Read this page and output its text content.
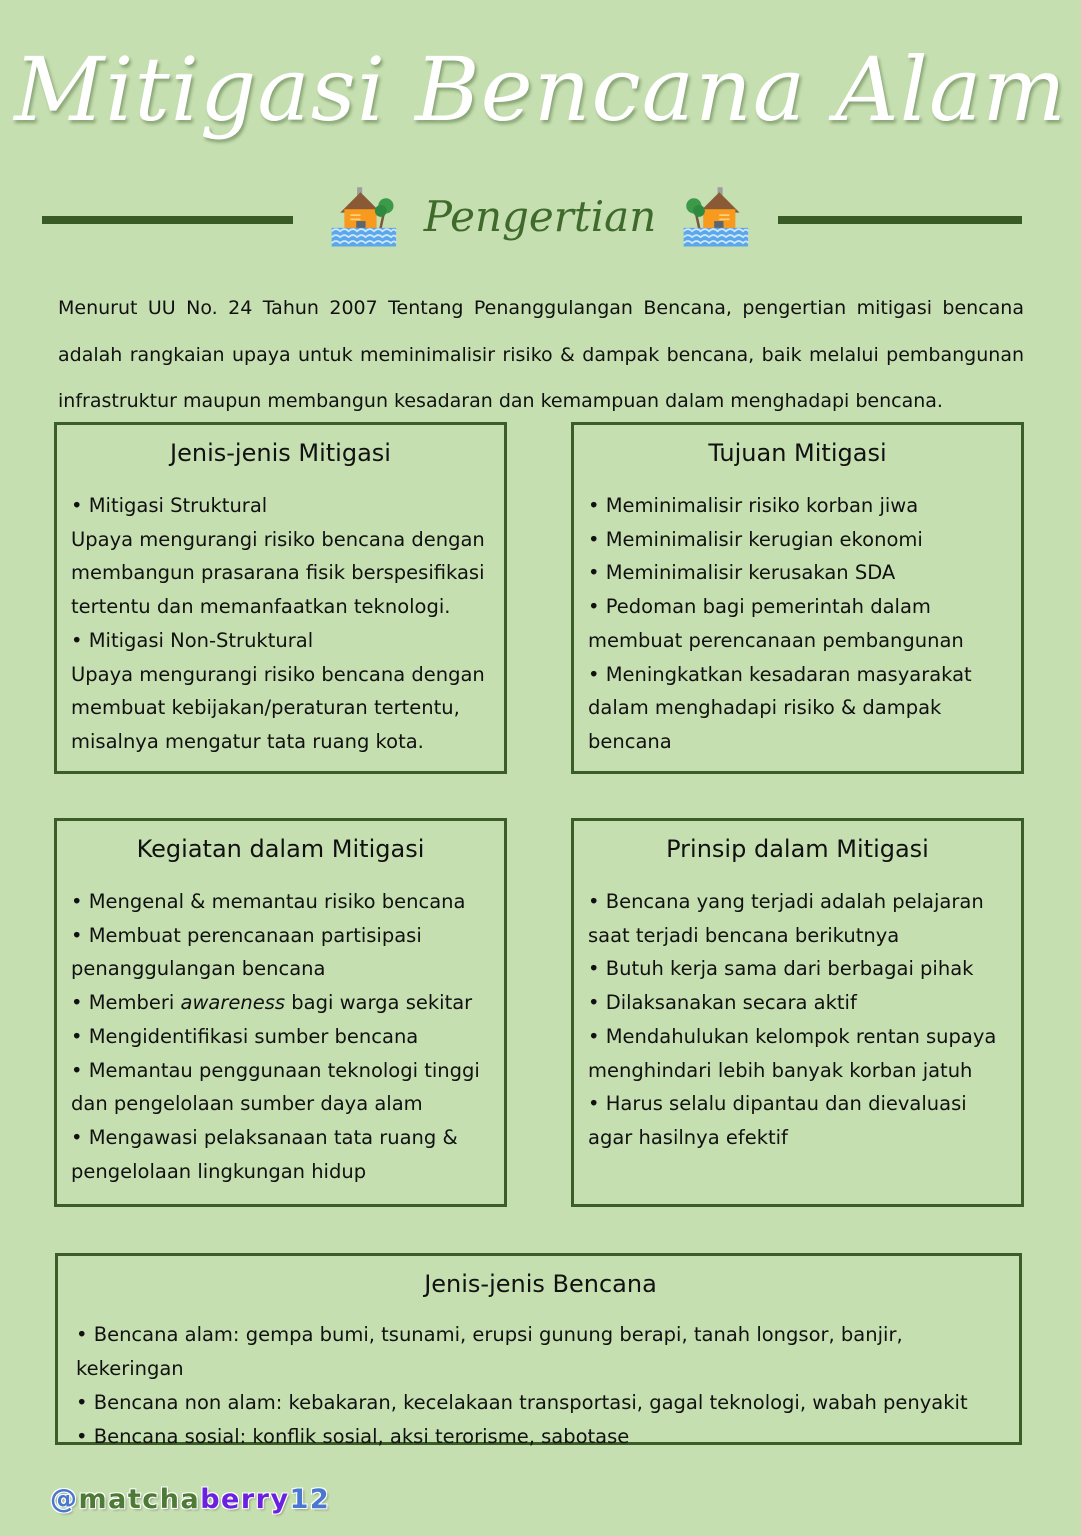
Mitigasi Bencana Alam
Pengertian

Menurut UU No. 24 Tahun 2007 Tentang Penanggulangan Bencana, pengertian mitigasi bencana adalah rangkaian upaya untuk meminimalisir risiko & dampak bencana, baik melalui pembangunan infrastruktur maupun membangun kesadaran dan kemampuan dalam menghadapi bencana.

Jenis-jenis Mitigasi

• Mitigasi Struktural

Upaya mengurangi risiko bencana dengan membangun prasarana fisik berspesifikasi tertentu dan memanfaatkan teknologi.

• Mitigasi Non-Struktural

Upaya mengurangi risiko bencana dengan membuat kebijakan/peraturan tertentu, misalnya mengatur tata ruang kota.

Tujuan Mitigasi
• Meminimalisir risiko korban jiwa
• Meminimalisir kerugian ekonomi
• Meminimalisir kerusakan SDA
• Pedoman bagi pemerintah dalam membuat perencanaan pembangunan
• Meningkatkan kesadaran masyarakat dalam menghadapi risiko & dampak bencana
Kegiatan dalam Mitigasi
• Mengenal & memantau risiko bencana
• Membuat perencanaan partisipasi penanggulangan bencana
• Memberi awareness bagi warga sekitar
• Mengidentifikasi sumber bencana
• Memantau penggunaan teknologi tinggi dan pengelolaan sumber daya alam
• Mengawasi pelaksanaan tata ruang & pengelolaan lingkungan hidup
Prinsip dalam Mitigasi
• Bencana yang terjadi adalah pelajaran saat terjadi bencana berikutnya
• Butuh kerja sama dari berbagai pihak
• Dilaksanakan secara aktif
• Mendahulukan kelompok rentan supaya menghindari lebih banyak korban jatuh
• Harus selalu dipantau dan dievaluasi agar hasilnya efektif
Jenis-jenis Bencana
• Bencana alam: gempa bumi, tsunami, erupsi gunung berapi, tanah longsor, banjir, kekeringan
• Bencana non alam: kebakaran, kecelakaan transportasi, gagal teknologi, wabah penyakit
• Bencana sosial: konflik sosial, aksi terorisme, sabotase
@matchaberry12
